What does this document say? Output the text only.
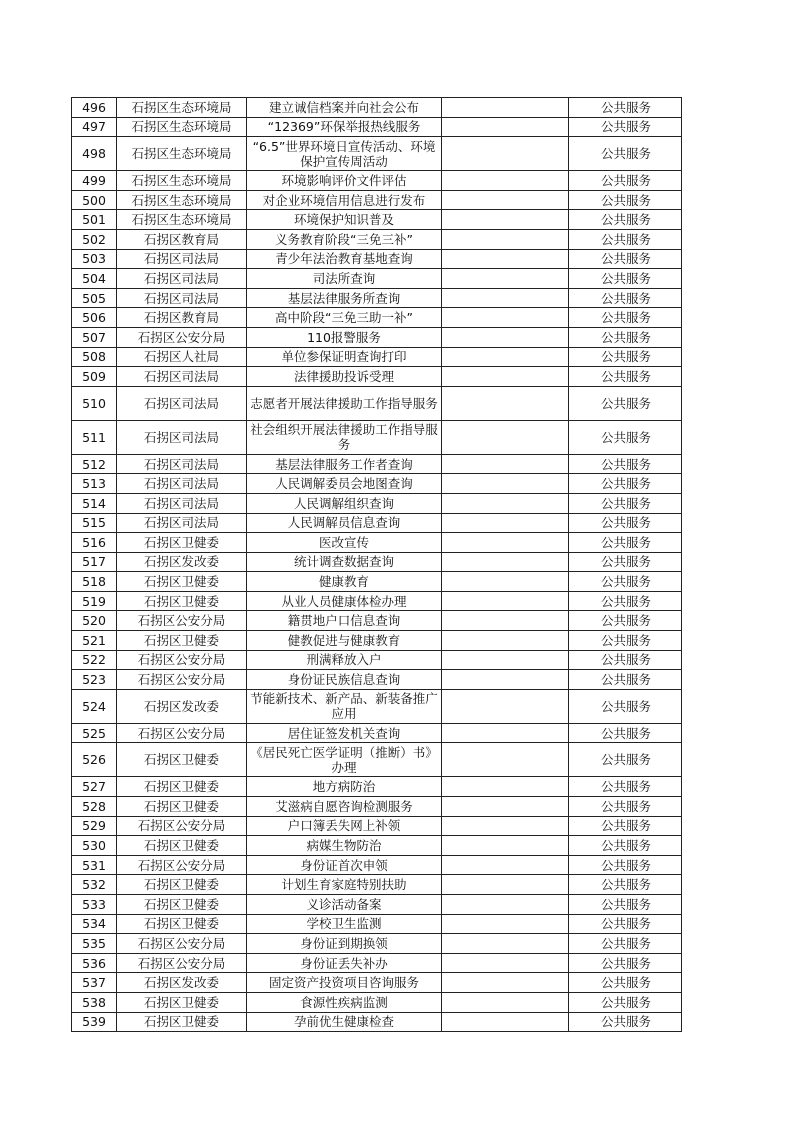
496	石拐区生态环境局	建立诚信档案并向社会公布		公共服务
497	石拐区生态环境局	“12369”环保举报热线服务		公共服务
498	石拐区生态环境局	“6.5”世界环境日宣传活动、环境保护宣传周活动		公共服务
499	石拐区生态环境局	环境影响评价文件评估		公共服务
500	石拐区生态环境局	对企业环境信用信息进行发布		公共服务
501	石拐区生态环境局	环境保护知识普及		公共服务
502	石拐区教育局	义务教育阶段“三免三补”		公共服务
503	石拐区司法局	青少年法治教育基地查询		公共服务
504	石拐区司法局	司法所查询		公共服务
505	石拐区司法局	基层法律服务所查询		公共服务
506	石拐区教育局	高中阶段“三免三助一补”		公共服务
507	石拐区公安分局	110报警服务		公共服务
508	石拐区人社局	单位参保证明查询打印		公共服务
509	石拐区司法局	法律援助投诉受理		公共服务
510	石拐区司法局	志愿者开展法律援助工作指导服务		公共服务
511	石拐区司法局	社会组织开展法律援助工作指导服务		公共服务
512	石拐区司法局	基层法律服务工作者查询		公共服务
513	石拐区司法局	人民调解委员会地图查询		公共服务
514	石拐区司法局	人民调解组织查询		公共服务
515	石拐区司法局	人民调解员信息查询		公共服务
516	石拐区卫健委	医改宣传		公共服务
517	石拐区发改委	统计调查数据查询		公共服务
518	石拐区卫健委	健康教育		公共服务
519	石拐区卫健委	从业人员健康体检办理		公共服务
520	石拐区公安分局	籍贯地户口信息查询		公共服务
521	石拐区卫健委	健教促进与健康教育		公共服务
522	石拐区公安分局	刑满释放入户		公共服务
523	石拐区公安分局	身份证民族信息查询		公共服务
524	石拐区发改委	节能新技术、新产品、新装备推广应用		公共服务
525	石拐区公安分局	居住证签发机关查询		公共服务
526	石拐区卫健委	《居民死亡医学证明（推断）书》办理		公共服务
527	石拐区卫健委	地方病防治		公共服务
528	石拐区卫健委	艾滋病自愿咨询检测服务		公共服务
529	石拐区公安分局	户口簿丢失网上补领		公共服务
530	石拐区卫健委	病媒生物防治		公共服务
531	石拐区公安分局	身份证首次申领		公共服务
532	石拐区卫健委	计划生育家庭特别扶助		公共服务
533	石拐区卫健委	义诊活动备案		公共服务
534	石拐区卫健委	学校卫生监测		公共服务
535	石拐区公安分局	身份证到期换领		公共服务
536	石拐区公安分局	身份证丢失补办		公共服务
537	石拐区发改委	固定资产投资项目咨询服务		公共服务
538	石拐区卫健委	食源性疾病监测		公共服务
539	石拐区卫健委	孕前优生健康检查		公共服务
